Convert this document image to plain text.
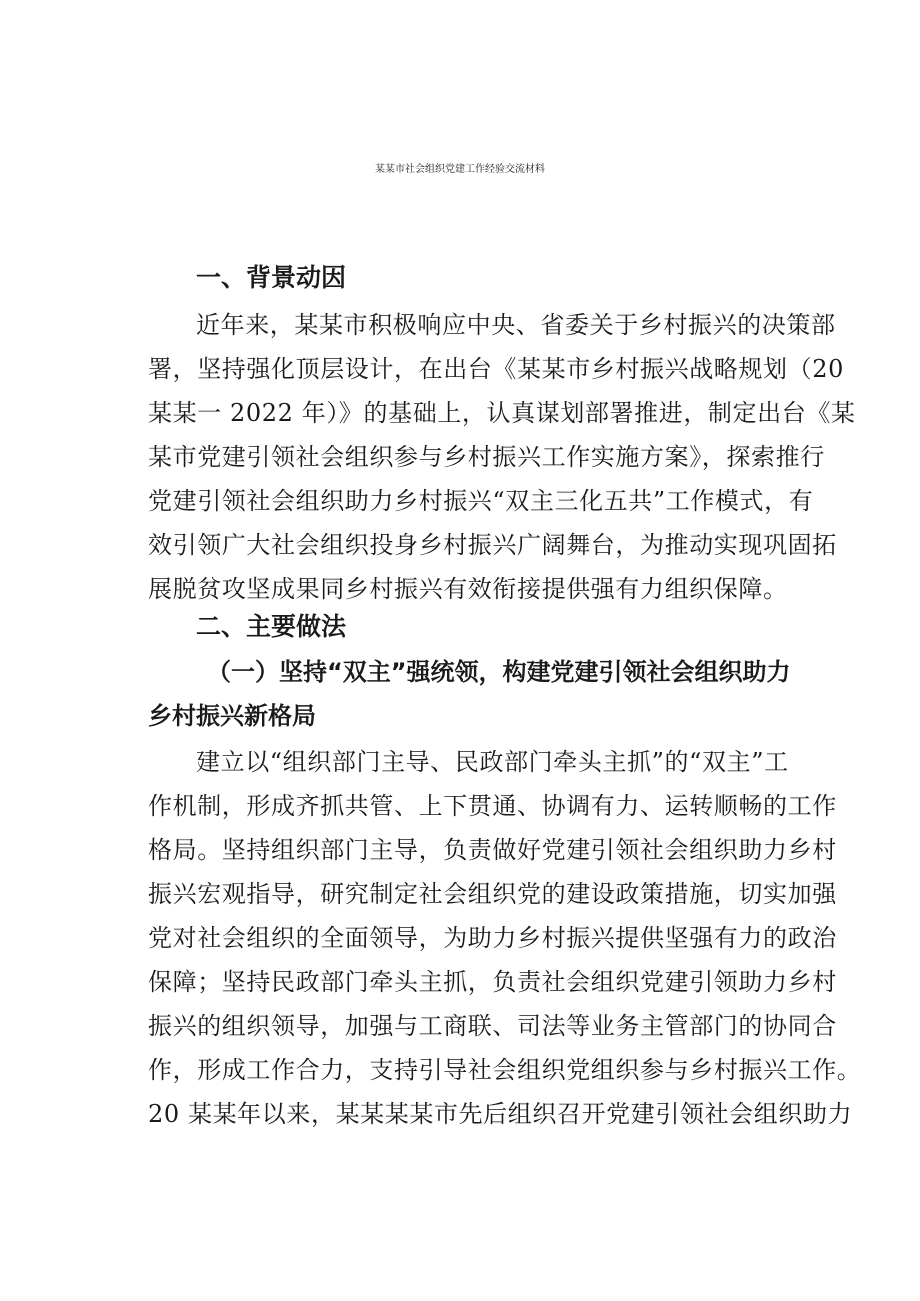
某某市社会组织党建工作经验交流材料
一、背景动因
近年来，某某市积极响应中央、省委关于乡村振兴的决策部
署，坚持强化顶层设计，在出台《某某市乡村振兴战略规划（20
某某一 2022 年）》的基础上，认真谋划部署推进，制定出台《某
某市党建引领社会组织参与乡村振兴工作实施方案》，探索推行
党建引领社会组织助力乡村振兴“双主三化五共”工作模式，有
效引领广大社会组织投身乡村振兴广阔舞台，为推动实现巩固拓
展脱贫攻坚成果同乡村振兴有效衔接提供强有力组织保障。
二、主要做法
（一）坚持“双主”强统领，构建党建引领社会组织助力
乡村振兴新格局
建立以“组织部门主导、民政部门牵头主抓”的“双主”工
作机制，形成齐抓共管、上下贯通、协调有力、运转顺畅的工作
格局。坚持组织部门主导，负责做好党建引领社会组织助力乡村
振兴宏观指导，研究制定社会组织党的建设政策措施，切实加强
党对社会组织的全面领导，为助力乡村振兴提供坚强有力的政治
保障；坚持民政部门牵头主抓，负责社会组织党建引领助力乡村
振兴的组织领导，加强与工商联、司法等业务主管部门的协同合
作，形成工作合力，支持引导社会组织党组织参与乡村振兴工作。
20 某某年以来，某某某某市先后组织召开党建引领社会组织助力
